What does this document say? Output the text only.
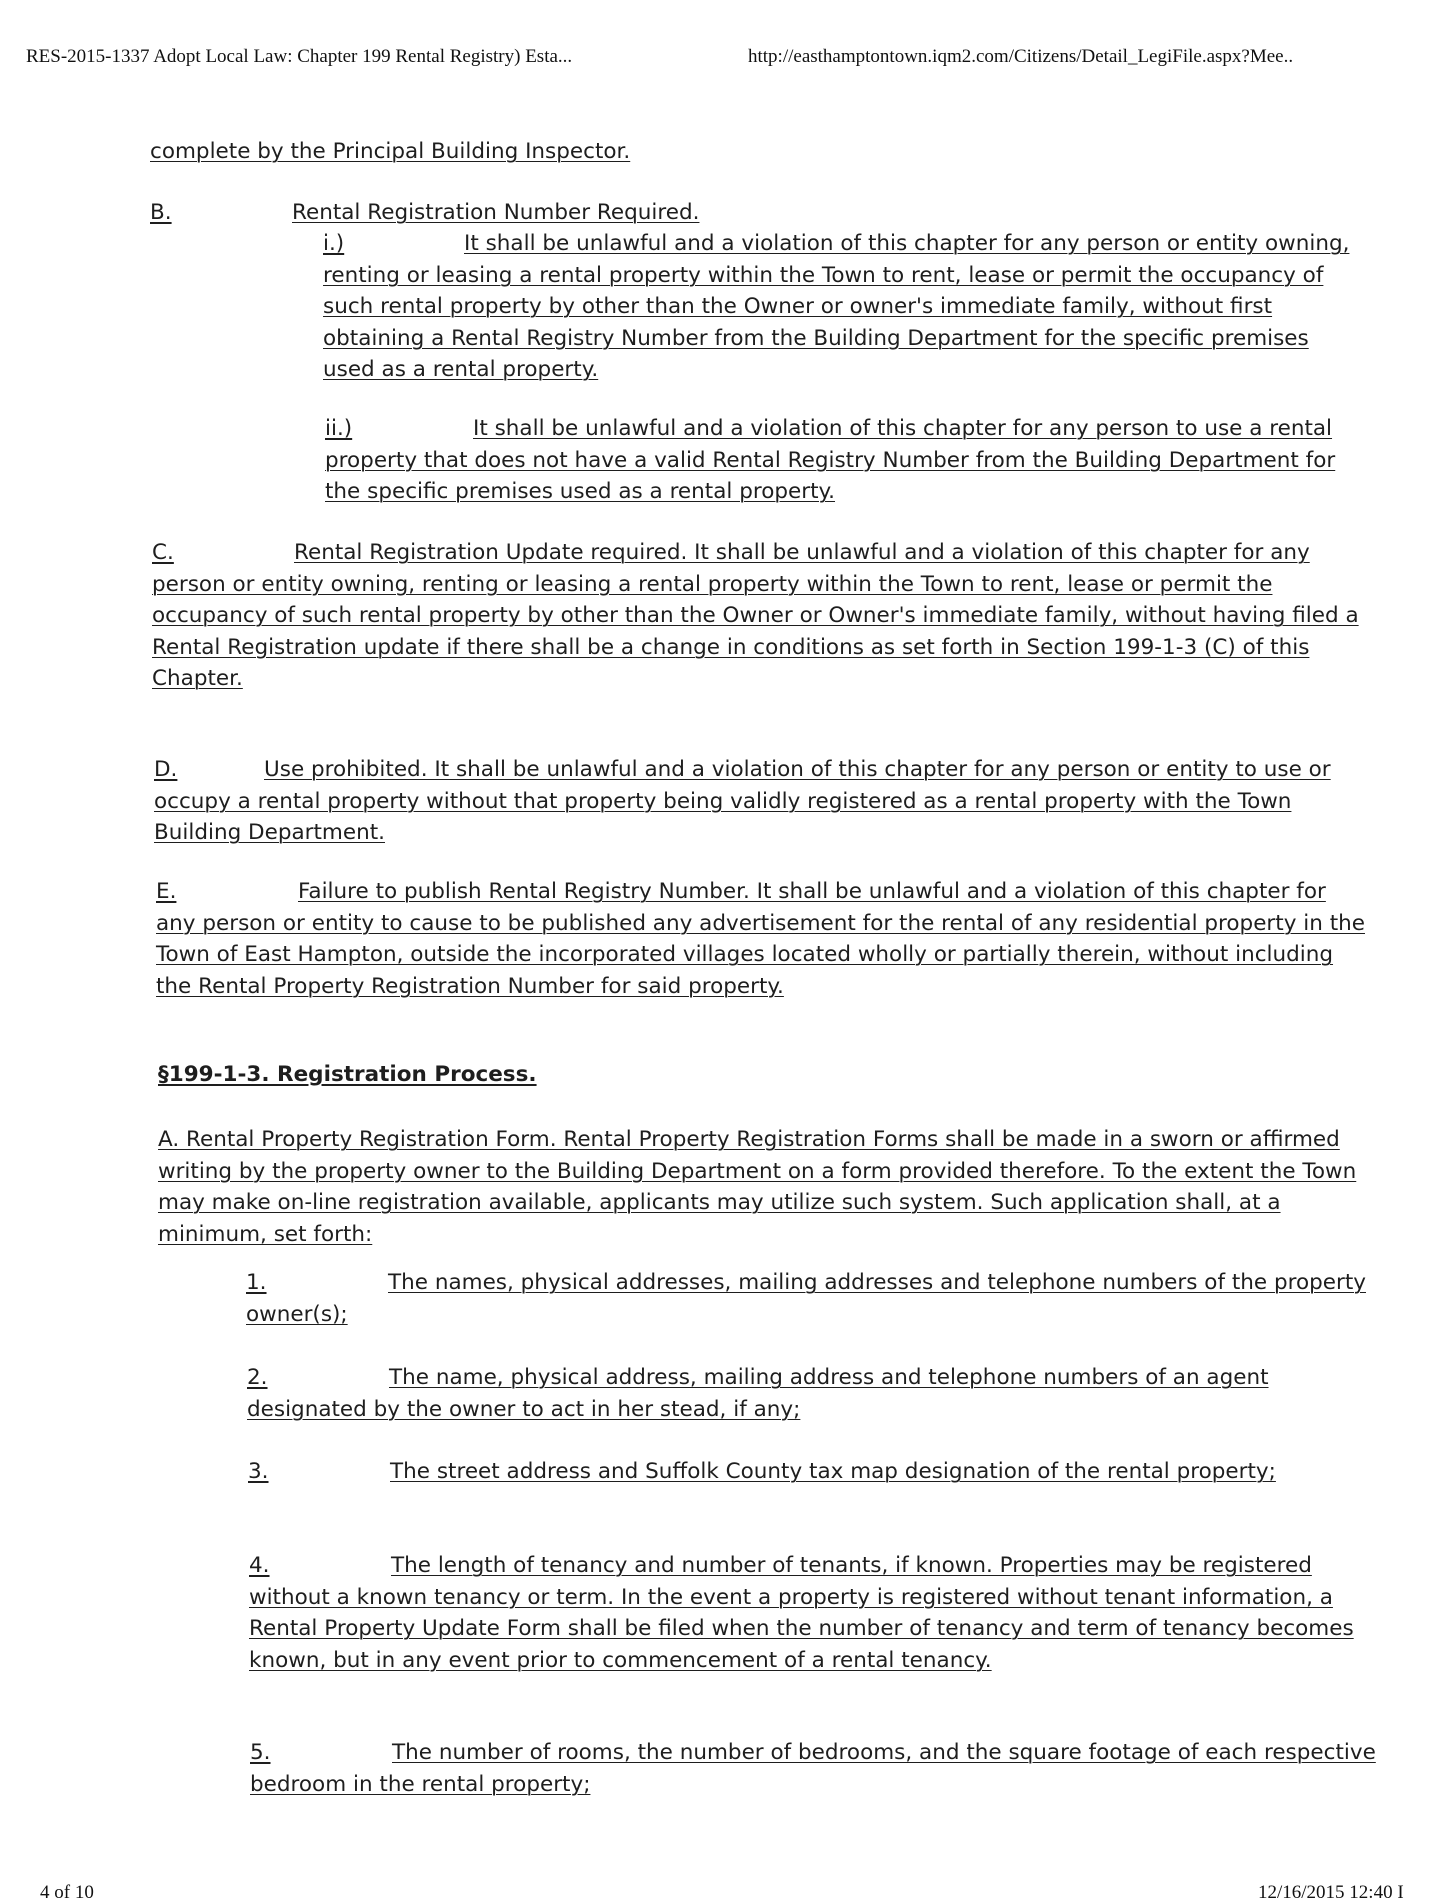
RES-2015-1337 Adopt Local Law: Chapter 199 Rental Registry) Esta...	http://easthamptontown.iqm2.com/Citizens/Detail_LegiFile.aspx?Mee..
complete by the Principal Building Inspector.
B.	Rental Registration Number Required.
i.)	It shall be unlawful and a violation of this chapter for any person or entity owning, renting or leasing a rental property within the Town to rent, lease or permit the occupancy of such rental property by other than the Owner or owner's immediate family, without first obtaining a Rental Registry Number from the Building Department for the specific premises used as a rental property.
ii.)	It shall be unlawful and a violation of this chapter for any person to use a rental property that does not have a valid Rental Registry Number from the Building Department for the specific premises used as a rental property.
C.	Rental Registration Update required. It shall be unlawful and a violation of this chapter for any person or entity owning, renting or leasing a rental property within the Town to rent, lease or permit the occupancy of such rental property by other than the Owner or Owner's immediate family, without having filed a Rental Registration update if there shall be a change in conditions as set forth in Section 199-1-3 (C) of this Chapter.
D.	Use prohibited. It shall be unlawful and a violation of this chapter for any person or entity to use or occupy a rental property without that property being validly registered as a rental property with the Town Building Department.
E.	Failure to publish Rental Registry Number. It shall be unlawful and a violation of this chapter for any person or entity to cause to be published any advertisement for the rental of any residential property in the Town of East Hampton, outside the incorporated villages located wholly or partially therein, without including the Rental Property Registration Number for said property.
§199-1-3. Registration Process.
A. Rental Property Registration Form. Rental Property Registration Forms shall be made in a sworn or affirmed writing by the property owner to the Building Department on a form provided therefore. To the extent the Town may make on-line registration available, applicants may utilize such system. Such application shall, at a minimum, set forth:
1.	The names, physical addresses, mailing addresses and telephone numbers of the property owner(s);
2.	The name, physical address, mailing address and telephone numbers of an agent designated by the owner to act in her stead, if any;
3.	The street address and Suffolk County tax map designation of the rental property;
4.	The length of tenancy and number of tenants, if known. Properties may be registered without a known tenancy or term. In the event a property is registered without tenant information, a Rental Property Update Form shall be filed when the number of tenancy and term of tenancy becomes known, but in any event prior to commencement of a rental tenancy.
5.	The number of rooms, the number of bedrooms, and the square footage of each respective bedroom in the rental property;
4 of 10	12/16/2015 12:40 I
